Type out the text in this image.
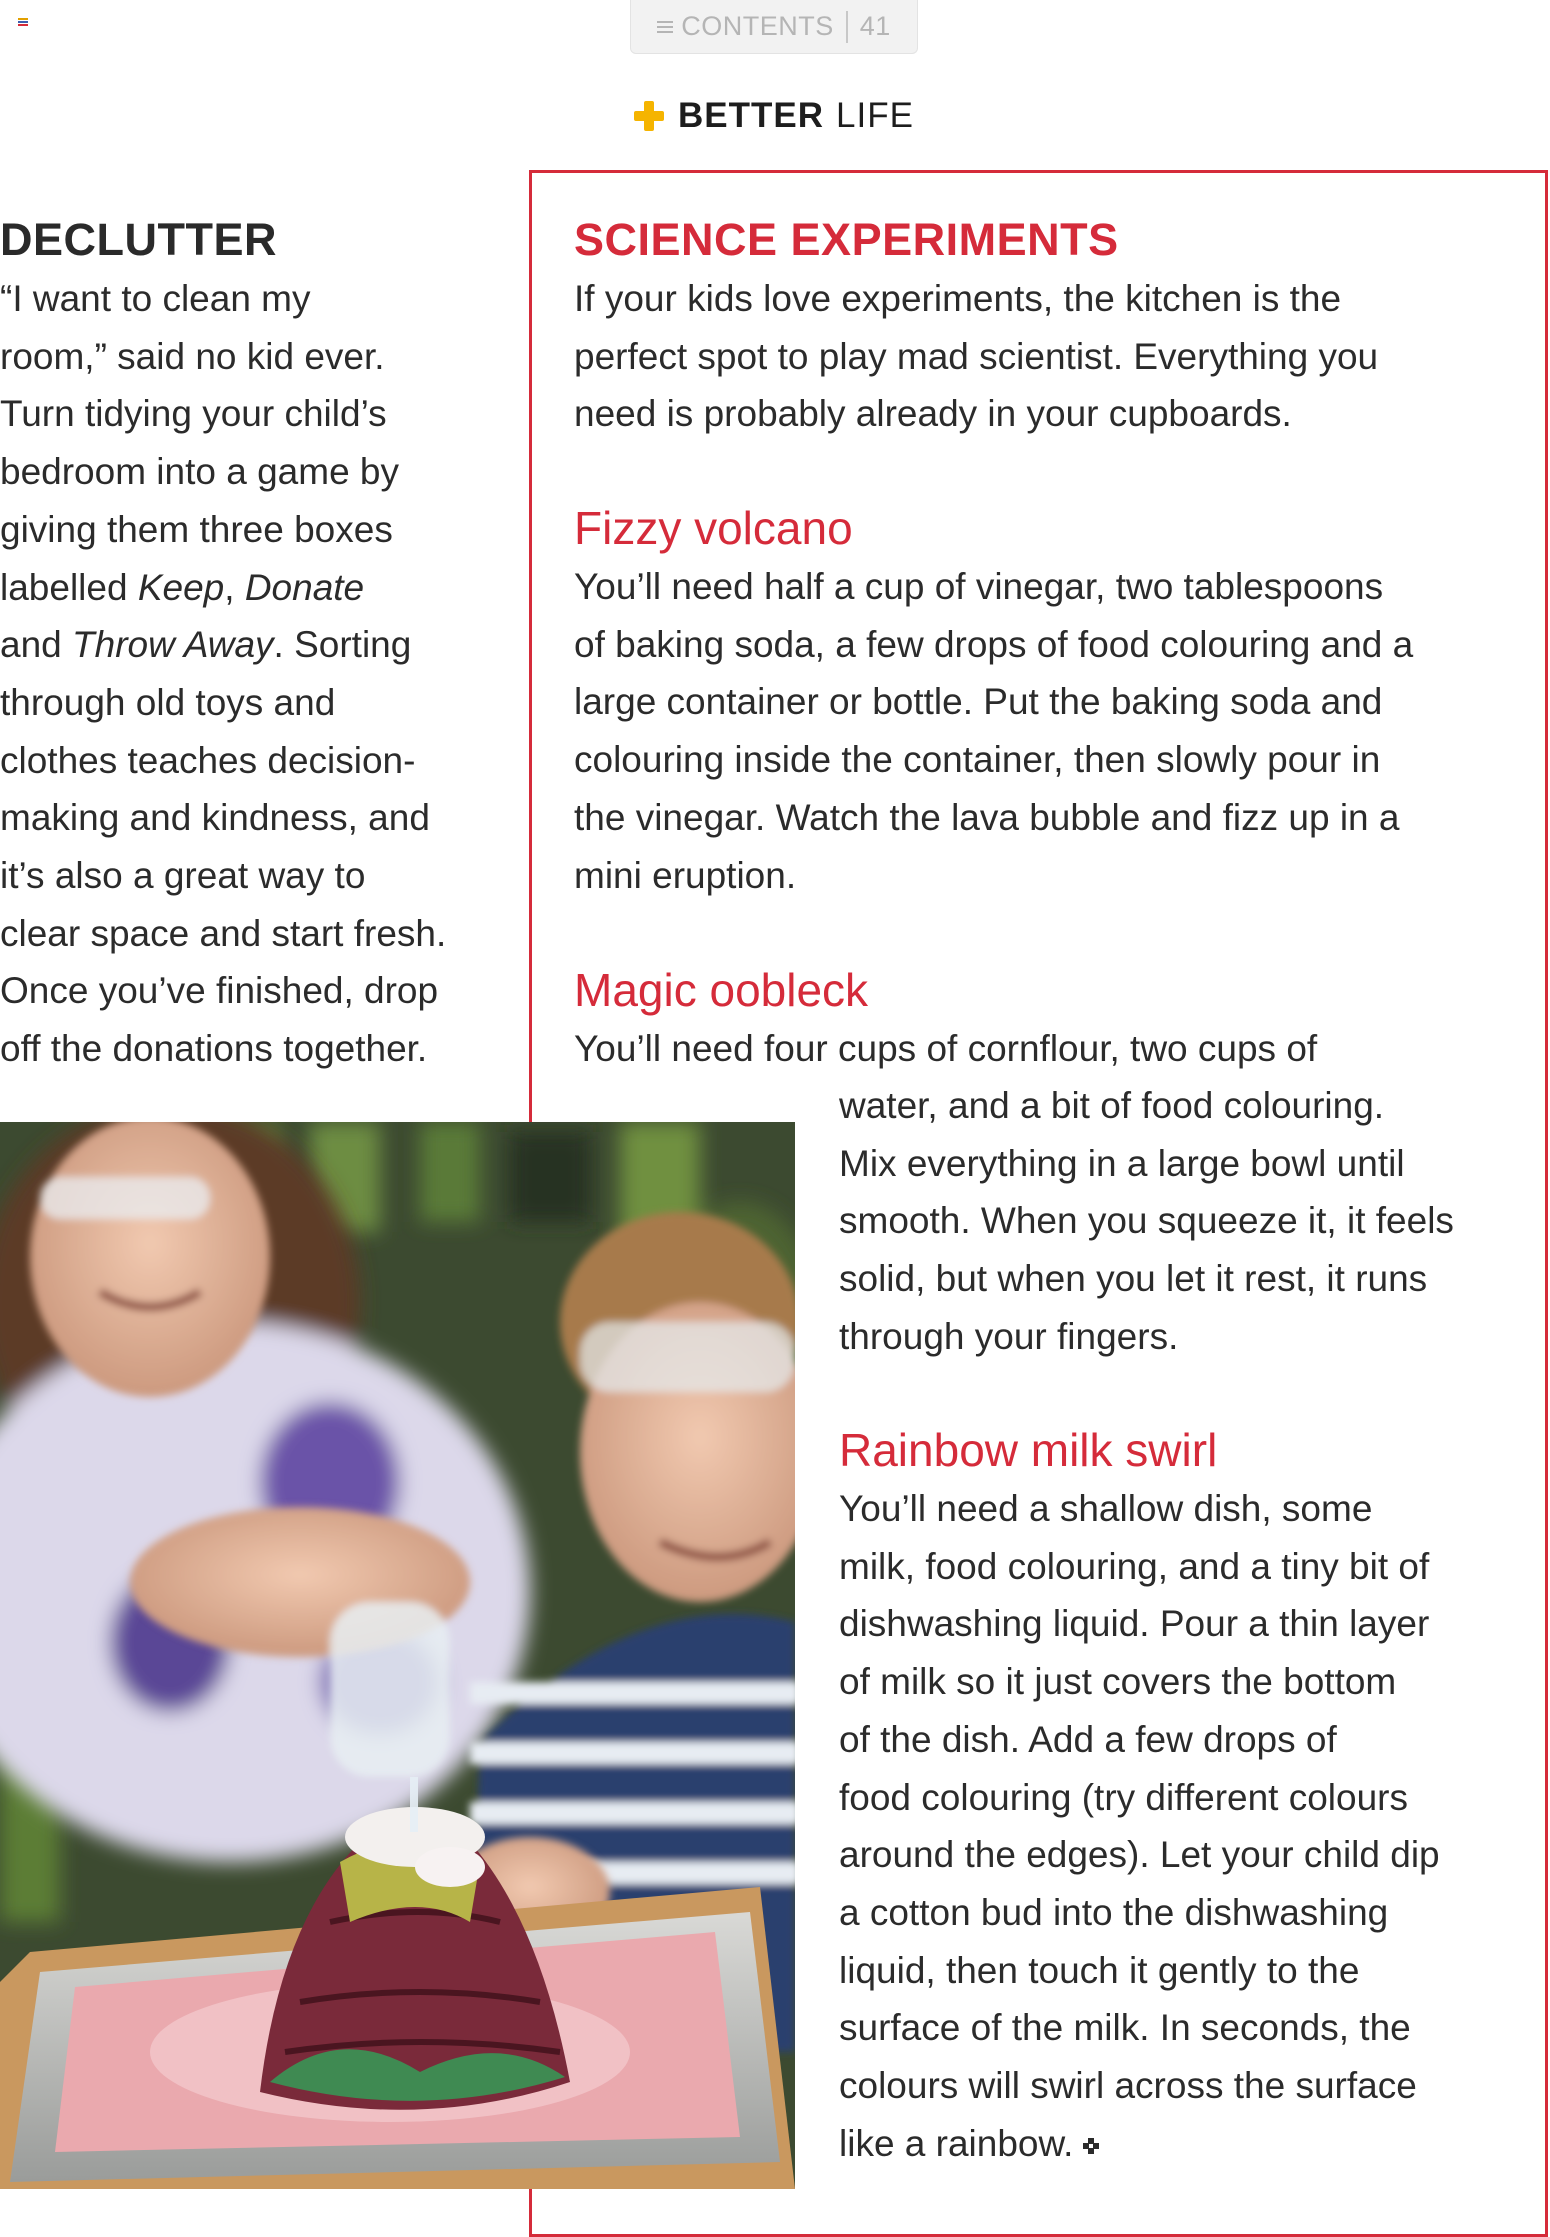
CONTENTS 41
BETTER LIFE
DECLUTTER
“I want to clean my
room,” said no kid ever.
Turn tidying your child’s
bedroom into a game by
giving them three boxes
labelled Keep, Donate
and Throw Away. Sorting
through old toys and
clothes teaches decision-
making and kindness, and
it’s also a great way to
clear space and start fresh.
Once you’ve finished, drop
off the donations together.
SCIENCE EXPERIMENTS
If your kids love experiments, the kitchen is the
perfect spot to play mad scientist. Everything you
need is probably already in your cupboards.
Fizzy volcano
You’ll need half a cup of vinegar, two tablespoons
of baking soda, a few drops of food colouring and a
large container or bottle. Put the baking soda and
colouring inside the container, then slowly pour in
the vinegar. Watch the lava bubble and fizz up in a
mini eruption.
Magic oobleck
You’ll need four cups of cornflour, two cups of
water, and a bit of food colouring.
Mix everything in a large bowl until
smooth. When you squeeze it, it feels
solid, but when you let it rest, it runs
through your fingers.
Rainbow milk swirl
You’ll need a shallow dish, some
milk, food colouring, and a tiny bit of
dishwashing liquid. Pour a thin layer
of milk so it just covers the bottom
of the dish. Add a few drops of
food colouring (try different colours
around the edges). Let your child dip
a cotton bud into the dishwashing
liquid, then touch it gently to the
surface of the milk. In seconds, the
colours will swirl across the surface
like a rainbow.
